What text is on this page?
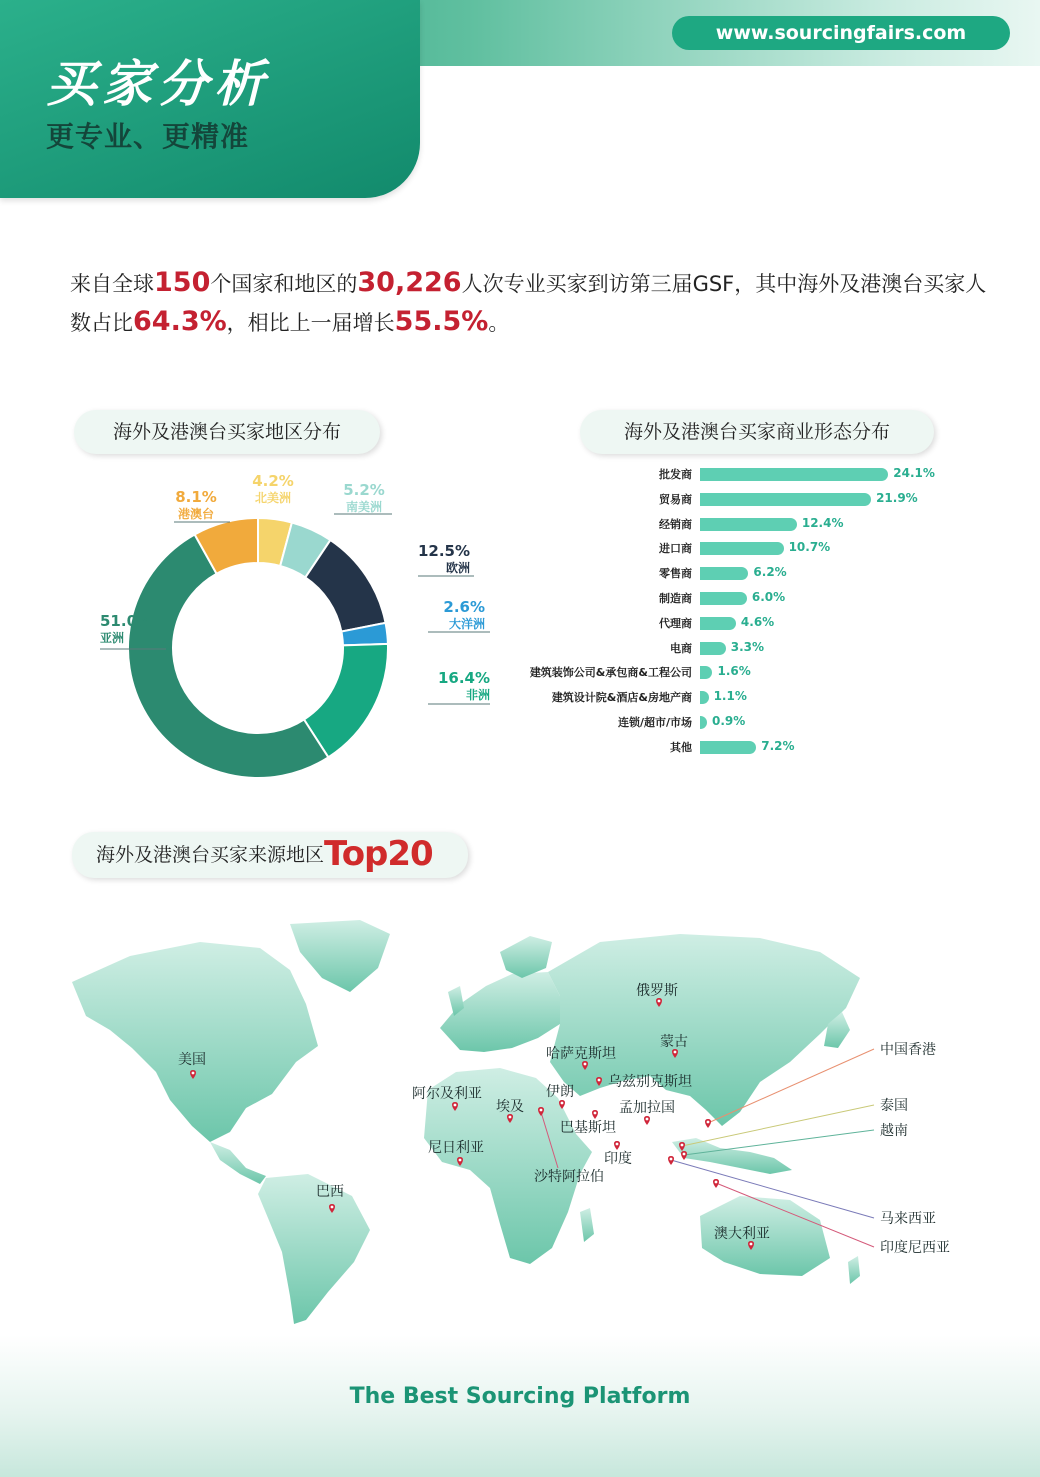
买家分析
更专业、更精准
www.sourcingfairs.com
来自全球150个国家和地区的30,226人次专业买家到访第三届GSF，其中海外及港澳台买家人数占比64.3%，相比上一届增长55.5%。
海外及港澳台买家地区分布	海外及港澳台买家商业形态分布
海外及港澳台买家来源地区Top20
4.2%
北美洲	5.2%
南美洲
12.5%
欧洲
2.6%
大洋洲
16.4%
非洲
51.0%
亚洲
8.1%
港澳台
批发商	24.1%
贸易商	21.9%
经销商	12.4%
进口商	10.7%
零售商	6.2%
制造商	6.0%
代理商	4.6%
电商	3.3%
建筑装饰公司&承包商&工程公司 1.6%
建筑设计院&酒店&房地产商 1.1%
连锁/超市/市场 0.9%
其他	7.2%
俄罗斯
美国
蒙古
哈萨克斯坦
乌兹别克斯坦
伊朗
阿尔及利亚
埃及	孟加拉国
巴基斯坦
尼日利亚
印度
沙特阿拉伯
巴西
澳大利亚
中国香港
泰国
越南
马来西亚
印度尼西亚
The Best Sourcing Platform
